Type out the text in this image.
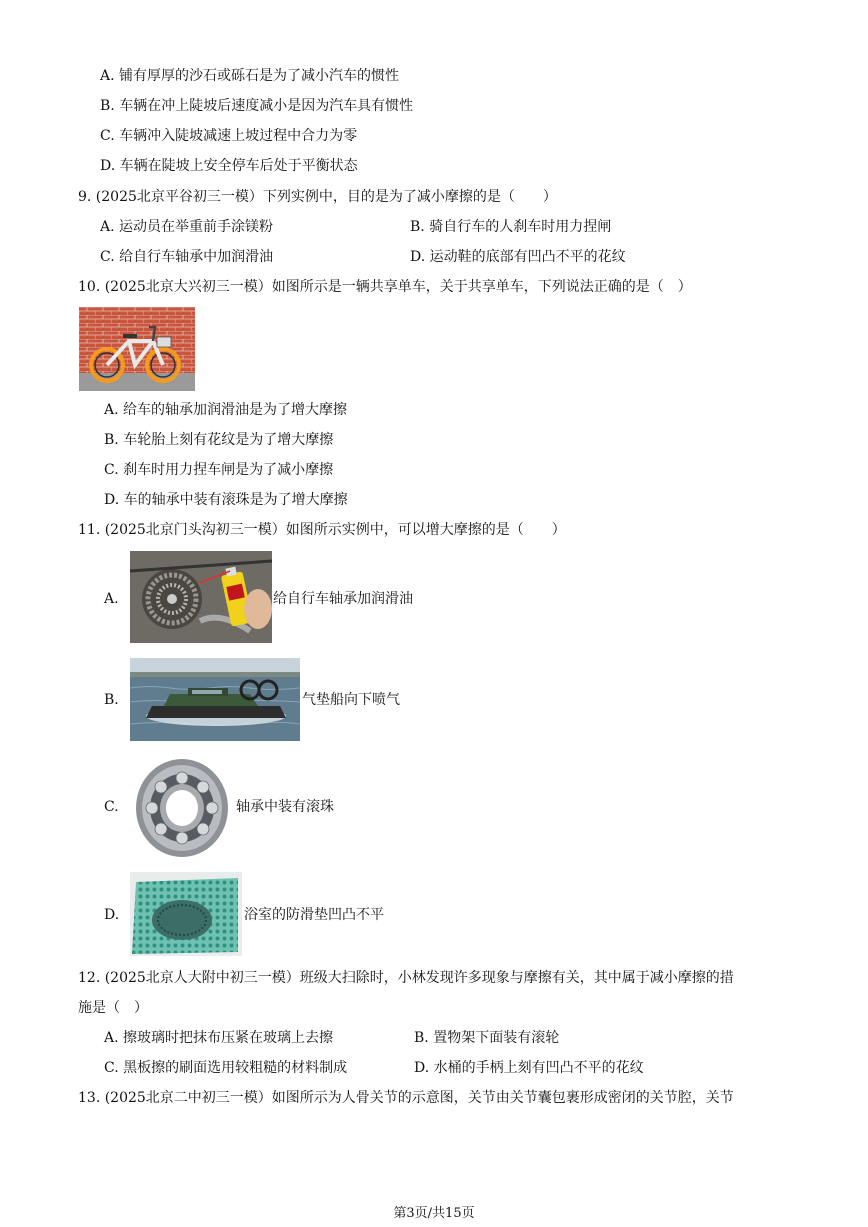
A. 铺有厚厚的沙石或砾石是为了减小汽车的惯性
B. 车辆在冲上陡坡后速度减小是因为汽车具有惯性
C. 车辆冲入陡坡减速上坡过程中合力为零
D. 车辆在陡坡上安全停车后处于平衡状态
9. (2025北京平谷初三一模）下列实例中，目的是为了减小摩擦的是（　　）
A. 运动员在举重前手涂镁粉	B. 骑自行车的人刹车时用力捏闸
C. 给自行车轴承中加润滑油	D. 运动鞋的底部有凹凸不平的花纹
10. (2025北京大兴初三一模）如图所示是一辆共享单车，关于共享单车，下列说法正确的是（　）
A. 给车的轴承加润滑油是为了增大摩擦
B. 车轮胎上刻有花纹是为了增大摩擦
C. 刹车时用力捏车闸是为了减小摩擦
D. 车的轴承中装有滚珠是为了增大摩擦
11. (2025北京门头沟初三一模）如图所示实例中，可以增大摩擦的是（　　）
A.	给自行车轴承加润滑油
B.	气垫船向下喷气
C.	轴承中装有滚珠
D.	浴室的防滑垫凹凸不平
12. (2025北京人大附中初三一模）班级大扫除时，小林发现许多现象与摩擦有关，其中属于减小摩擦的措
施是（　）
A. 擦玻璃时把抹布压紧在玻璃上去擦	B. 置物架下面装有滚轮
C. 黑板擦的刷面选用较粗糙的材料制成	D. 水桶的手柄上刻有凹凸不平的花纹
13. (2025北京二中初三一模）如图所示为人骨关节的示意图，关节由关节囊包裹形成密闭的关节腔，关节
第3页/共15页
